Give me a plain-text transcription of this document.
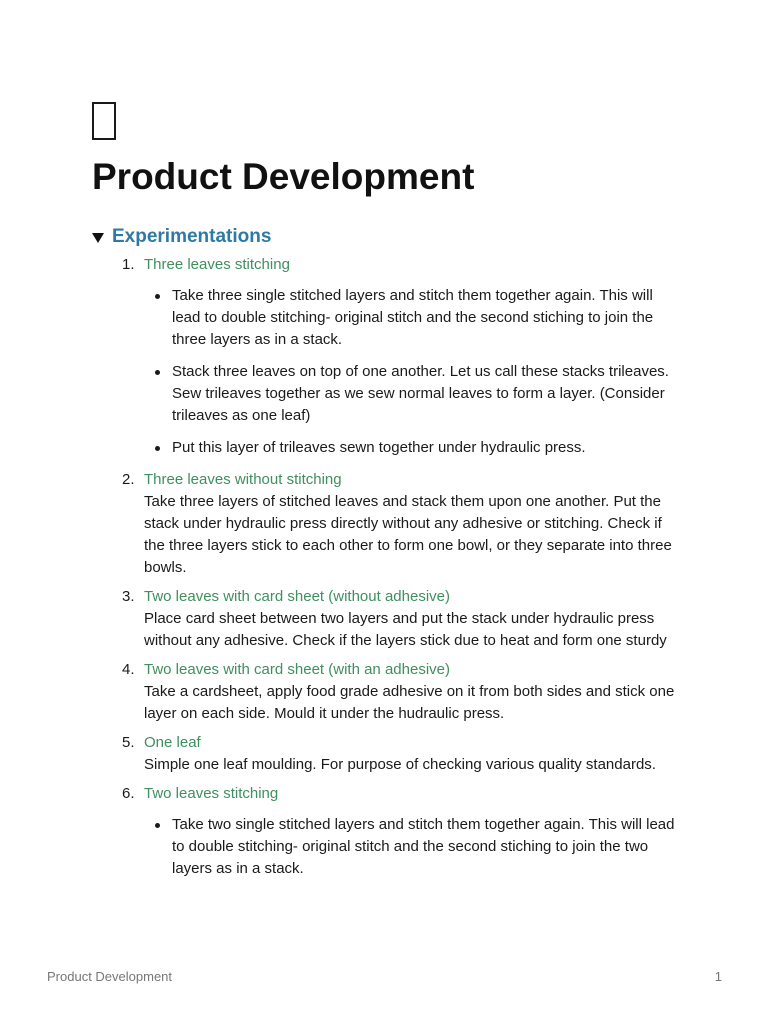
Product Development
Experimentations
1. Three leaves stitching
Take three single stitched layers and stitch them together again. This will lead to double stitching- original stitch and the second stiching to join the three layers as in a stack.
Stack three leaves on top of one another. Let us call these stacks trileaves. Sew trileaves together as we sew normal leaves to form a layer. (Consider trileaves as one leaf)
Put this layer of trileaves sewn together under hydraulic press.
2. Three leaves without stitching
Take three layers of stitched leaves and stack them upon one another. Put the stack under hydraulic press directly without any adhesive or stitching. Check if the three layers stick to each other to form one bowl, or they separate into three bowls.
3. Two leaves with card sheet (without adhesive)
Place card sheet between two layers and put the stack under hydraulic press without any adhesive. Check if the layers stick due to heat and form one sturdy
4. Two leaves with card sheet (with an adhesive)
Take a cardsheet, apply food grade adhesive on it from both sides and stick one layer on each side. Mould it under the hudraulic press.
5. One leaf
Simple one leaf moulding. For purpose of checking various quality standards.
6. Two leaves stitching
Take two single stitched layers and stitch them together again. This will lead to double stitching- original stitch and the second stiching to join the two layers as in a stack.
Product Development	1
